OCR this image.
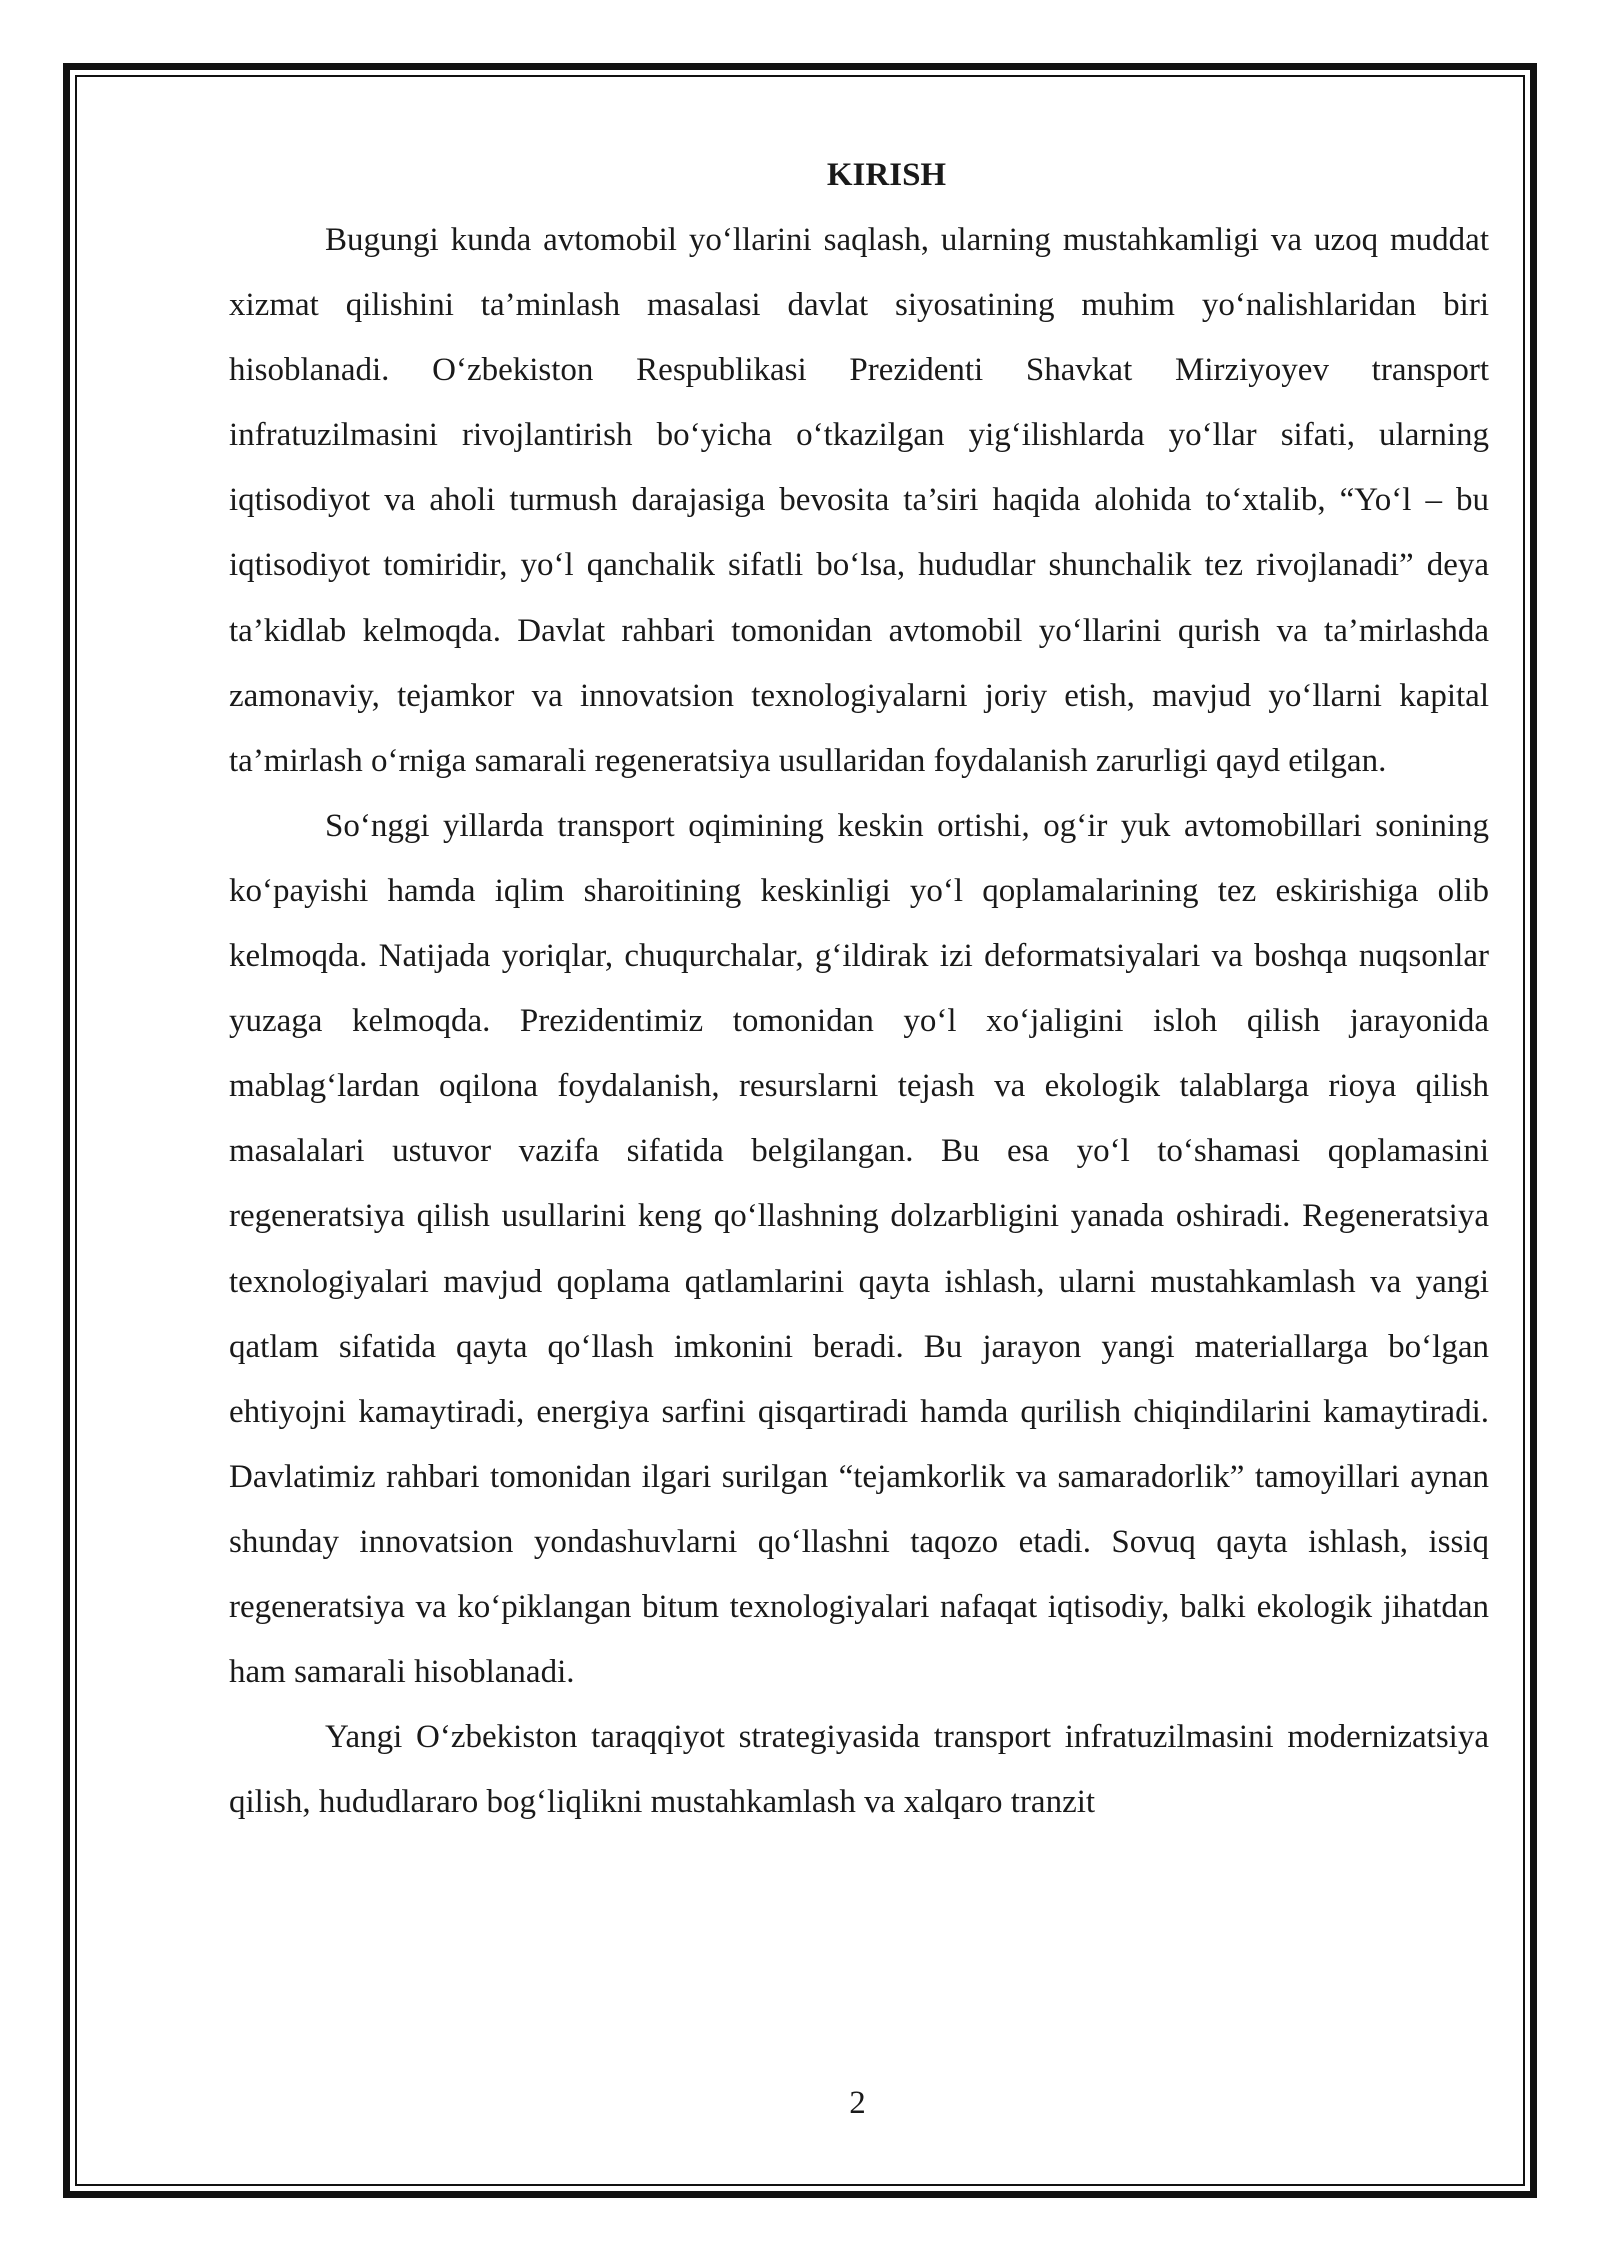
KIRISH

Bugungi kunda avtomobil yo‘llarini saqlash, ularning mustahkamligi va uzoq muddat xizmat qilishini ta’minlash masalasi davlat siyosatining muhim yo‘nalishlaridan biri hisoblanadi. O‘zbekiston Respublikasi Prezidenti Shavkat Mirziyoyev transport infratuzilmasini rivojlantirish bo‘yicha o‘tkazilgan yig‘ilishlarda yo‘llar sifati, ularning iqtisodiyot va aholi turmush darajasiga bevosita ta’siri haqida alohida to‘xtalib, “Yo‘l – bu iqtisodiyot tomiridir, yo‘l qanchalik sifatli bo‘lsa, hududlar shunchalik tez rivojlanadi” deya ta’kidlab kelmoqda. Davlat rahbari tomonidan avtomobil yo‘llarini qurish va ta’mirlashda zamonaviy, tejamkor va innovatsion texnologiyalarni joriy etish, mavjud yo‘llarni kapital ta’mirlash o‘rniga samarali regeneratsiya usullaridan foydalanish zarurligi qayd etilgan.

So‘nggi yillarda transport oqimining keskin ortishi, og‘ir yuk avtomobillari sonining ko‘payishi hamda iqlim sharoitining keskinligi yo‘l qoplamalarining tez eskirishiga olib kelmoqda. Natijada yoriqlar, chuqurchalar, g‘ildirak izi deformatsiyalari va boshqa nuqsonlar yuzaga kelmoqda. Prezidentimiz tomonidan yo‘l xo‘jaligini isloh qilish jarayonida mablag‘lardan oqilona foydalanish, resurslarni tejash va ekologik talablarga rioya qilish masalalari ustuvor vazifa sifatida belgilangan. Bu esa yo‘l to‘shamasi qoplamasini regeneratsiya qilish usullarini keng qo‘llashning dolzarbligini yanada oshiradi. Regeneratsiya texnologiyalari mavjud qoplama qatlamlarini qayta ishlash, ularni mustahkamlash va yangi qatlam sifatida qayta qo‘llash imkonini beradi. Bu jarayon yangi materiallarga bo‘lgan ehtiyojni kamaytiradi, energiya sarfini qisqartiradi hamda qurilish chiqindilarini kamaytiradi. Davlatimiz rahbari tomonidan ilgari surilgan “tejamkorlik va samaradorlik” tamoyillari aynan shunday innovatsion yondashuvlarni qo‘llashni taqozo etadi. Sovuq qayta ishlash, issiq regeneratsiya va ko‘piklangan bitum texnologiyalari nafaqat iqtisodiy, balki ekologik jihatdan ham samarali hisoblanadi.

Yangi O‘zbekiston taraqqiyot strategiyasida transport infratuzilmasini modernizatsiya qilish, hududlararo bog‘liqlikni mustahkamlash va xalqaro tranzit

2
